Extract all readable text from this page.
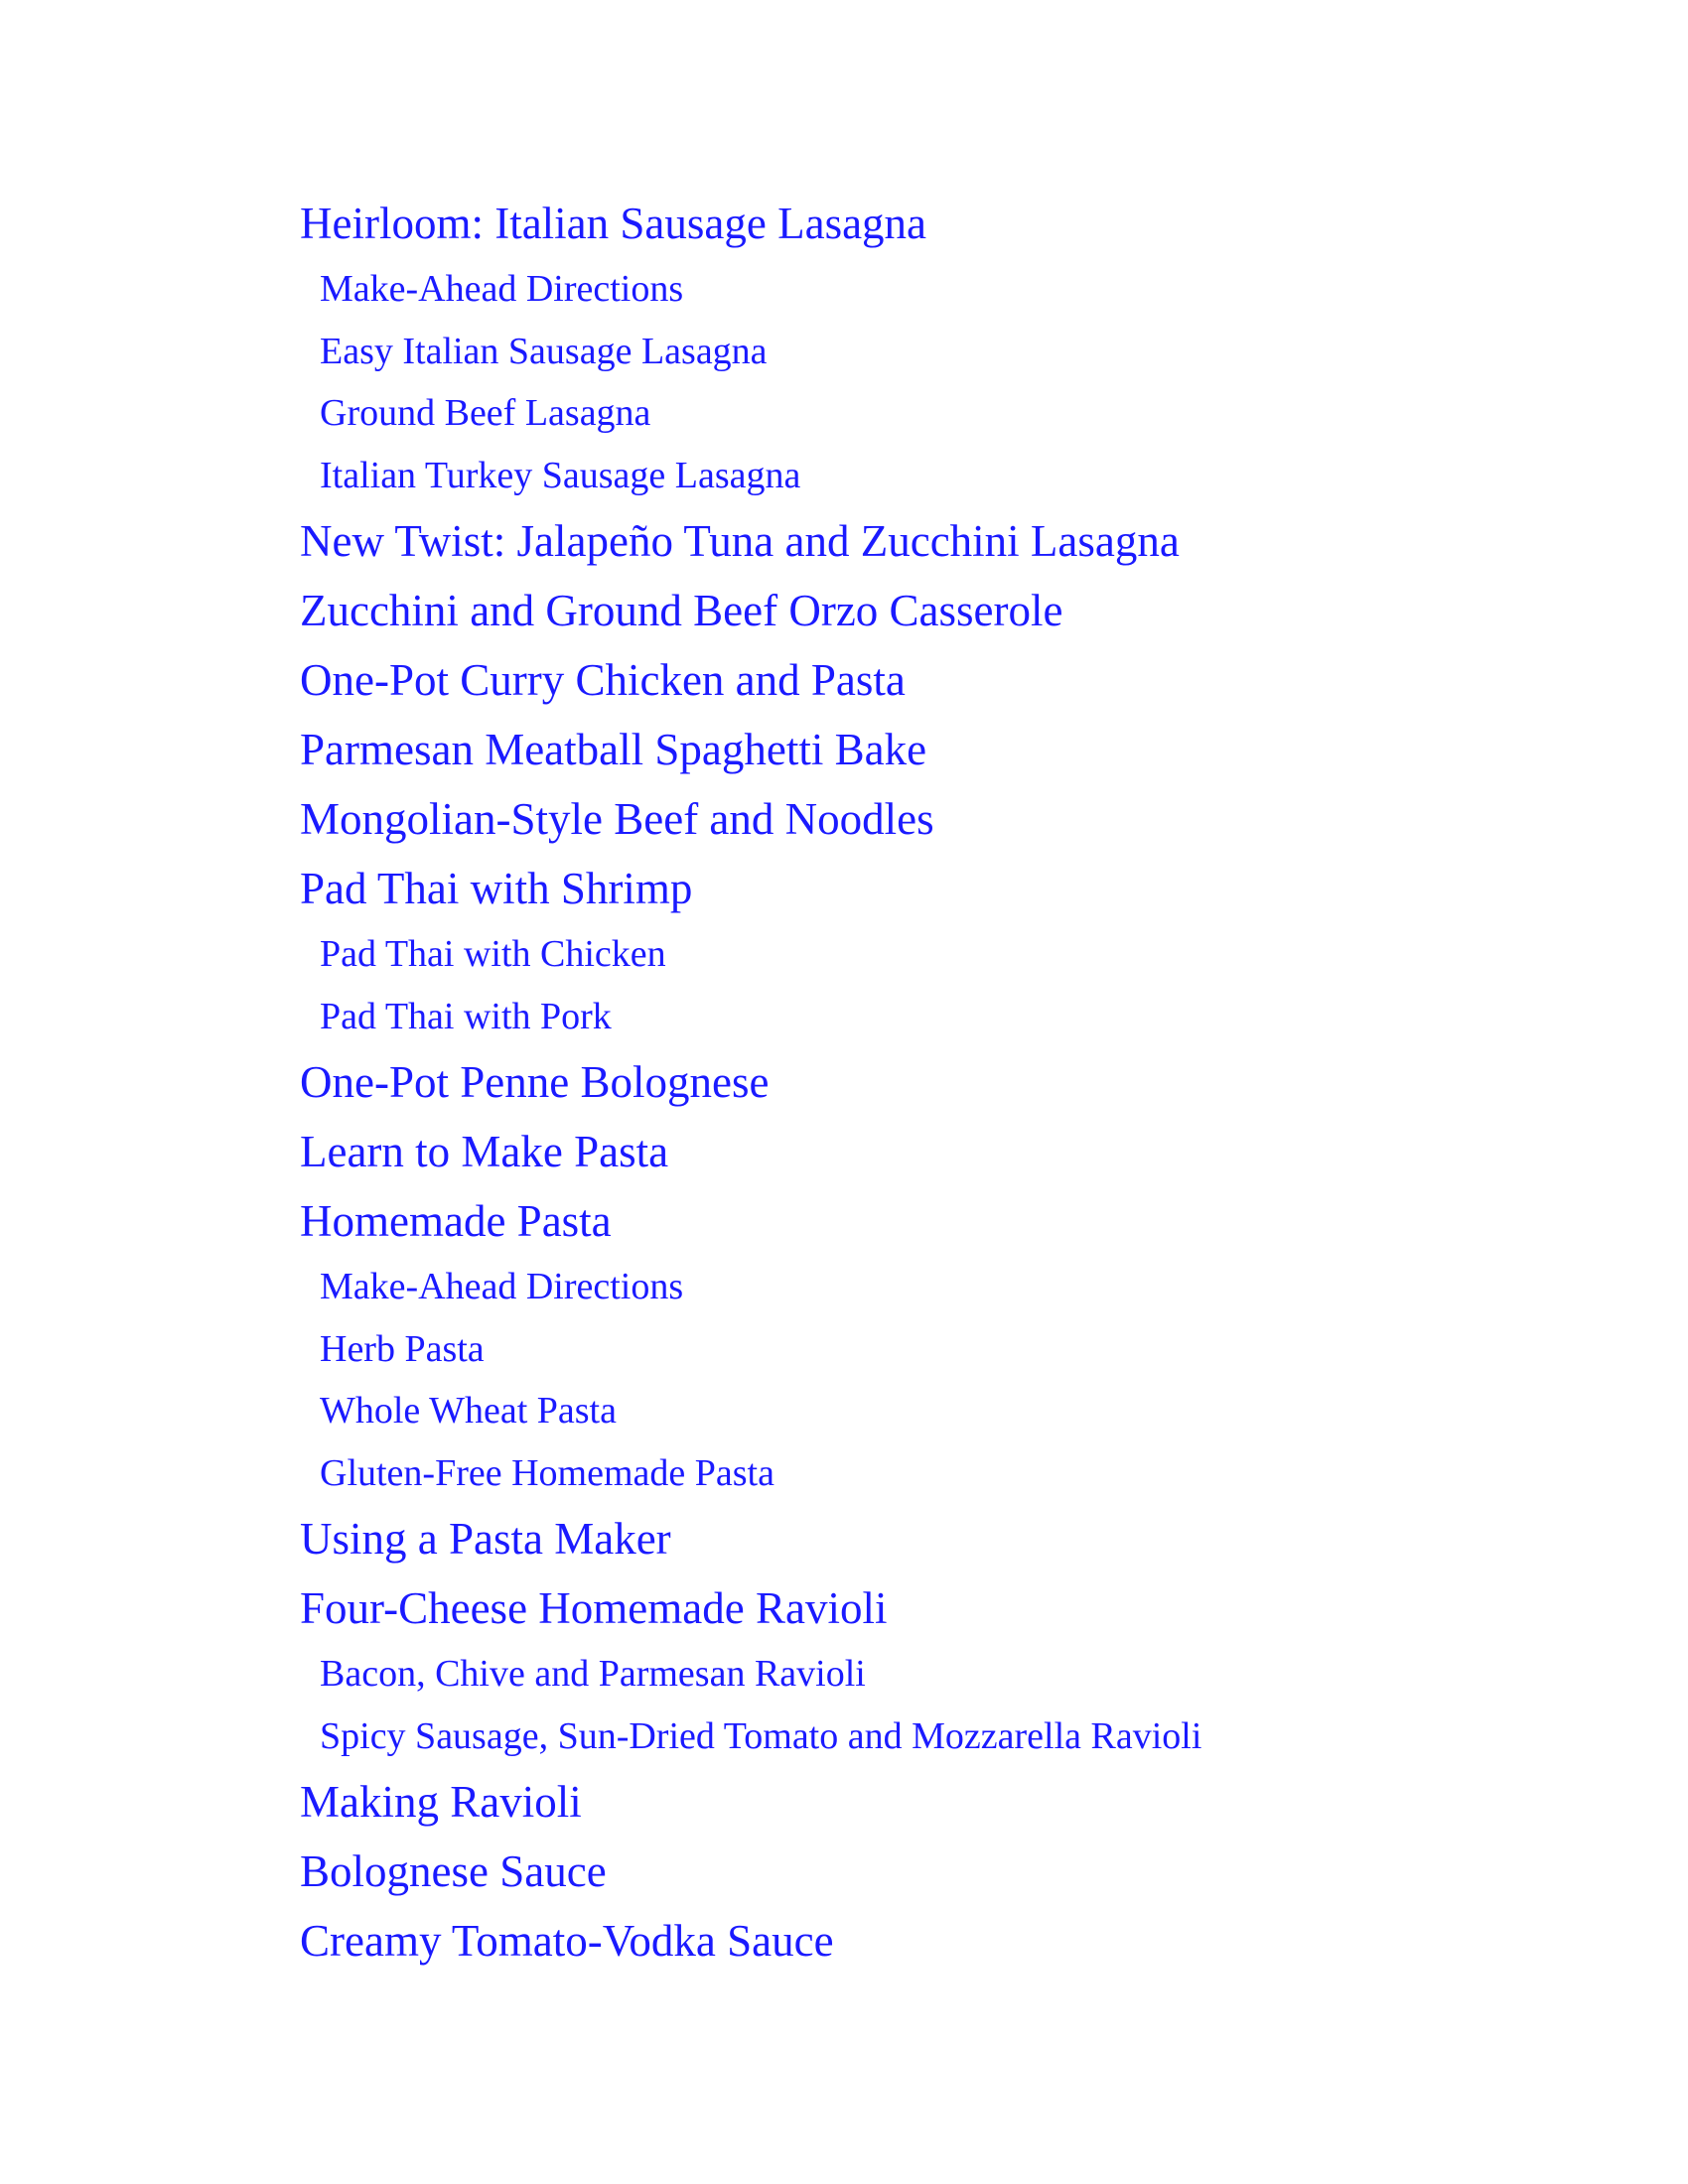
Heirloom: Italian Sausage Lasagna
Make-Ahead Directions
Easy Italian Sausage Lasagna
Ground Beef Lasagna
Italian Turkey Sausage Lasagna
New Twist: Jalapeño Tuna and Zucchini Lasagna
Zucchini and Ground Beef Orzo Casserole
One-Pot Curry Chicken and Pasta
Parmesan Meatball Spaghetti Bake
Mongolian-Style Beef and Noodles
Pad Thai with Shrimp
Pad Thai with Chicken
Pad Thai with Pork
One-Pot Penne Bolognese
Learn to Make Pasta
Homemade Pasta
Make-Ahead Directions
Herb Pasta
Whole Wheat Pasta
Gluten-Free Homemade Pasta
Using a Pasta Maker
Four-Cheese Homemade Ravioli
Bacon, Chive and Parmesan Ravioli
Spicy Sausage, Sun-Dried Tomato and Mozzarella Ravioli
Making Ravioli
Bolognese Sauce
Creamy Tomato-Vodka Sauce
